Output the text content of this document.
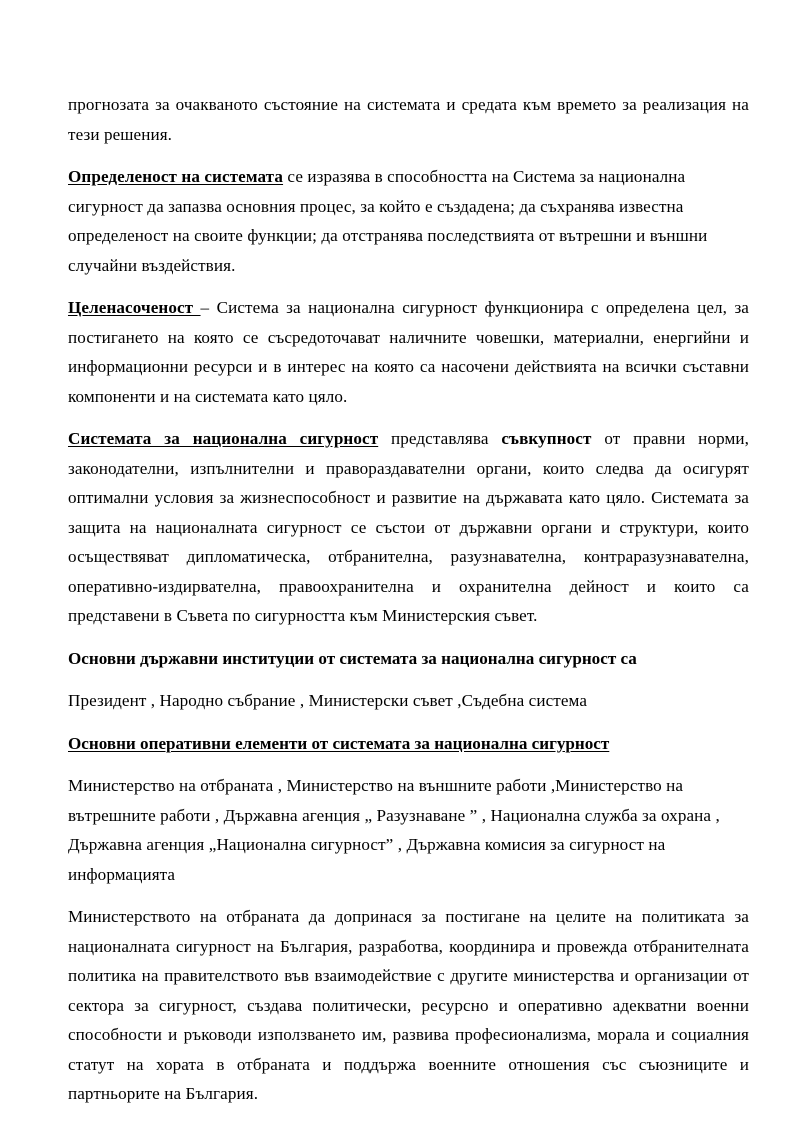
прогнозата за очакваното състояние на системата и средата към времето за реализация на тези решения.

Определеност на системата се изразява в способността на Система за национална сигурност да запазва основния процес, за който е създадена; да съхранява известна определеност на своите функции; да отстранява последствията от вътрешни и външни случайни въздействия.

Целенасоченост – Система за национална сигурност функционира с определена цел, за постигането на която се съсредоточават наличните човешки, материални, енергийни и информационни ресурси и в интерес на която са насочени действията на всички съставни компоненти и на системата като цяло.

Системата за национална сигурност представлява съвкупност от правни норми, законодателни, изпълнителни и правораздавателни органи, които следва да осигурят оптимални условия за жизнеспособност и развитие на държавата като цяло. Системата за защита на националната сигурност се състои от държавни органи и структури, които осъществяват дипломатическа, отбранителна, разузнавателна, контраразузнавателна, оперативно-издирвателна, правоохранителна и охранителна дейност и които са представени в Съвета по сигурността към Министерския съвет.

Основни държавни институции от системата за национална сигурност са

Президент , Народно събрание , Министерски съвет ,Съдебна система

Основни оперативни елементи от системата за национална сигурност

Министерство на отбраната , Министерство на външните работи ,Министерство на вътрешните работи , Държавна агенция „ Разузнаване ” , Национална служба за охрана , Държавна агенция „Национална сигурност” , Държавна комисия за сигурност на информацията

Министерството на отбраната да допринася за постигане на целите на политиката за националната сигурност на България, разработва, координира и провежда отбранителната политика на правителството във взаимодействие с другите министерства и организации от сектора за сигурност, създава политически, ресурсно и оперативно адекватни военни способности и ръководи използването им, развива професионализма, морала и социалния статут на хората в отбраната и поддържа военните отношения със съюзниците и партньорите на България.
